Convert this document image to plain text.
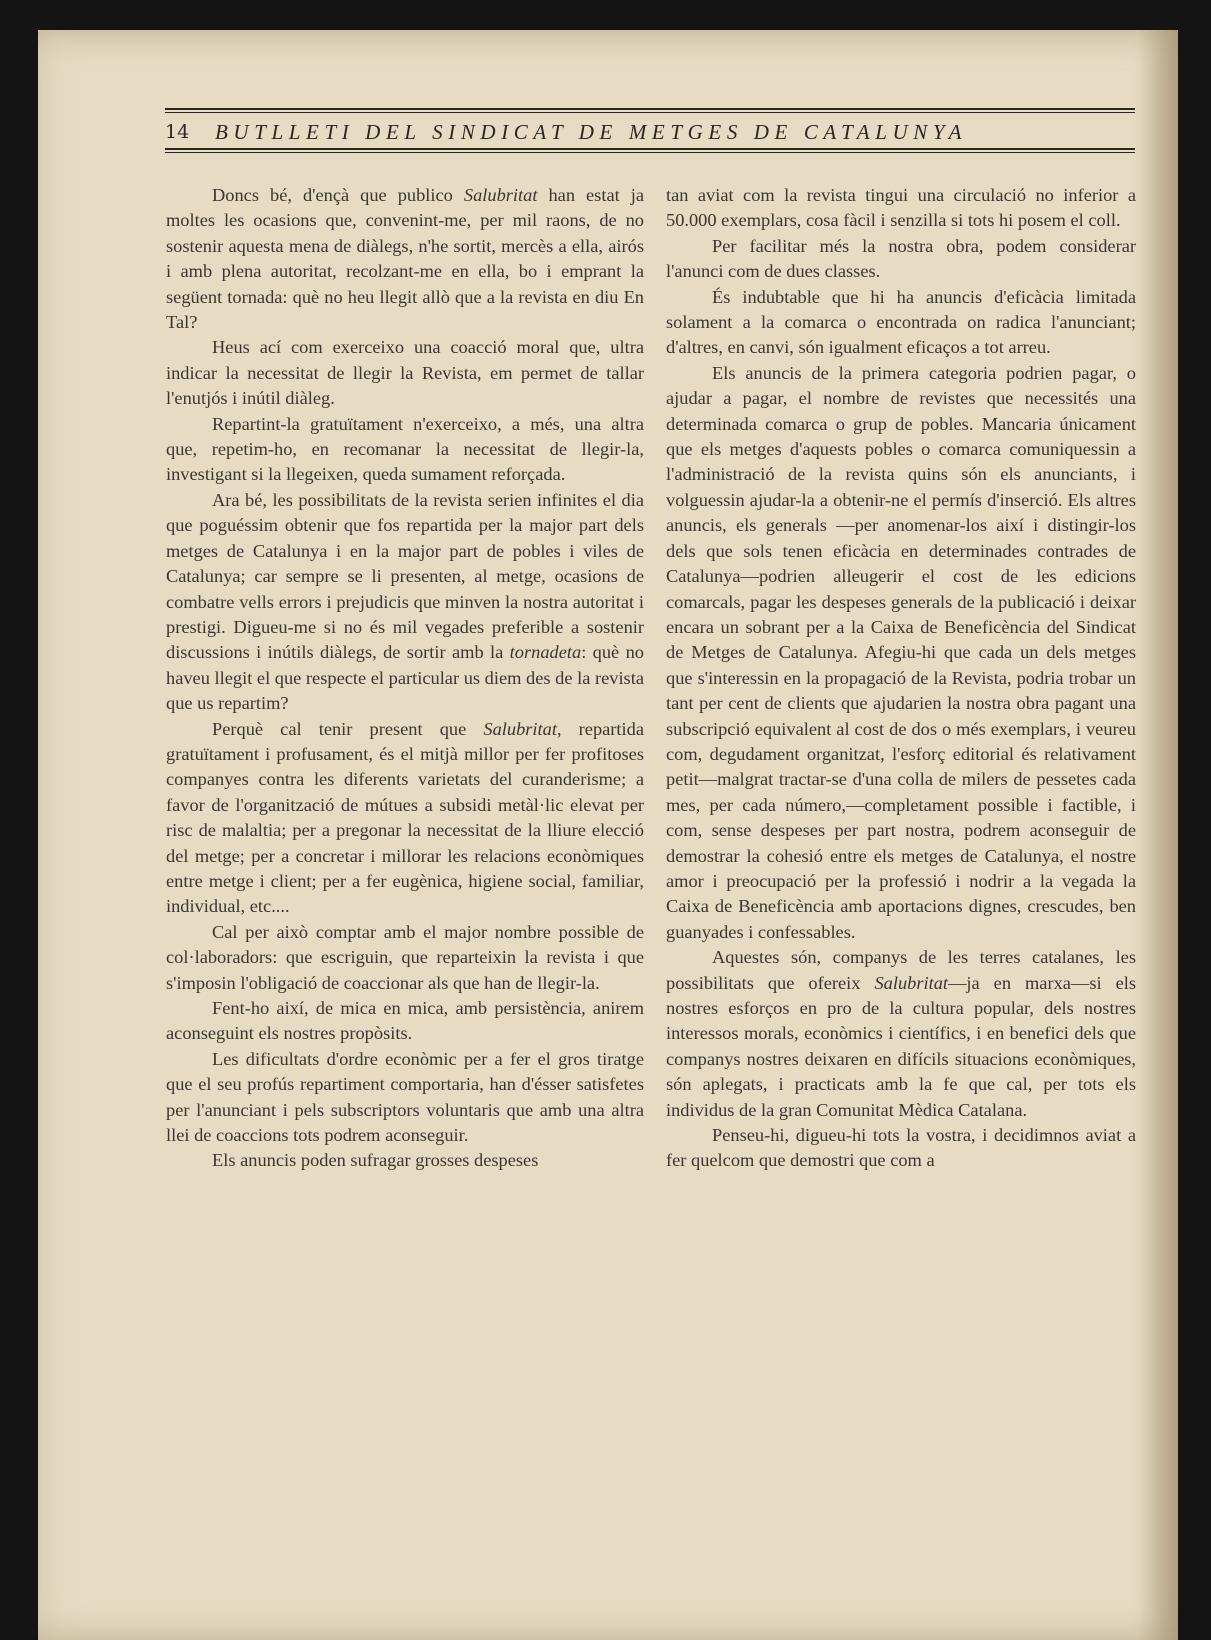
14 BUTLLETI DEL SINDICAT DE METGES DE CATALUNYA

Doncs bé, d'ençà que publico Salubritat han estat ja moltes les ocasions que, convenint-me, per mil raons, de no sostenir aquesta mena de diàlegs, n'he sortit, mercès a ella, airós i amb plena autoritat, recolzant-me en ella, bo i emprant la següent tornada: què no heu llegit allò que a la revista en diu En Tal?

Heus ací com exerceixo una coacció moral que, ultra indicar la necessitat de llegir la Revista, em permet de tallar l'enutjós i inútil diàleg.

Repartint-la gratuïtament n'exerceixo, a més, una altra que, repetim-ho, en recomanar la necessitat de llegir-la, investigant si la llegeixen, queda sumament reforçada.

Ara bé, les possibilitats de la revista serien infinites el dia que poguéssim obtenir que fos repartida per la major part dels metges de Catalunya i en la major part de pobles i viles de Catalunya; car sempre se li presenten, al metge, ocasions de combatre vells errors i prejudicis que minven la nostra autoritat i prestigi. Digueu-me si no és mil vegades preferible a sostenir discussions i inútils diàlegs, de sortir amb la tornadeta: què no haveu llegit el que respecte el particular us diem des de la revista que us repartim?

Perquè cal tenir present que Salubritat, repartida gratuïtament i profusament, és el mitjà millor per fer profitoses companyes contra les diferents varietats del curanderisme; a favor de l'organització de mútues a subsidi metàl·lic elevat per risc de malaltia; per a pregonar la necessitat de la lliure elecció del metge; per a concretar i millorar les relacions econòmiques entre metge i client; per a fer eugènica, higiene social, familiar, individual, etc....

Cal per això comptar amb el major nombre possible de col·laboradors: que escriguin, que reparteixin la revista i que s'imposin l'obligació de coaccionar als que han de llegir-la.

Fent-ho així, de mica en mica, amb persistència, anirem aconseguint els nostres propòsits.

Les dificultats d'ordre econòmic per a fer el gros tiratge que el seu profús repartiment comportaria, han d'ésser satisfetes per l'anunciant i pels subscriptors voluntaris que amb una altra llei de coaccions tots podrem aconseguir.

Els anuncis poden sufragar grosses despeses

tan aviat com la revista tingui una circulació no inferior a 50.000 exemplars, cosa fàcil i senzilla si tots hi posem el coll.

Per facilitar més la nostra obra, podem considerar l'anunci com de dues classes.

És indubtable que hi ha anuncis d'eficàcia limitada solament a la comarca o encontrada on radica l'anunciant; d'altres, en canvi, són igualment eficaços a tot arreu.

Els anuncis de la primera categoria podrien pagar, o ajudar a pagar, el nombre de revistes que necessités una determinada comarca o grup de pobles. Mancaria únicament que els metges d'aquests pobles o comarca comuniquessin a l'administració de la revista quins són els anunciants, i volguessin ajudar-la a obtenir-ne el permís d'inserció. Els altres anuncis, els generals —per anomenar-los així i distingir-los dels que sols tenen eficàcia en determinades contrades de Catalunya—podrien alleugerir el cost de les edicions comarcals, pagar les despeses generals de la publicació i deixar encara un sobrant per a la Caixa de Beneficència del Sindicat de Metges de Catalunya. Afegiu-hi que cada un dels metges que s'interessin en la propagació de la Revista, podria trobar un tant per cent de clients que ajudarien la nostra obra pagant una subscripció equivalent al cost de dos o més exemplars, i veureu com, degudament organitzat, l'esforç editorial és relativament petit—malgrat tractar-se d'una colla de milers de pessetes cada mes, per cada número,—completament possible i factible, i com, sense despeses per part nostra, podrem aconseguir de demostrar la cohesió entre els metges de Catalunya, el nostre amor i preocupació per la professió i nodrir a la vegada la Caixa de Beneficència amb aportacions dignes, crescudes, ben guanyades i confessables.

Aquestes són, companys de les terres catalanes, les possibilitats que ofereix Salubritat—ja en marxa—si els nostres esforços en pro de la cultura popular, dels nostres interessos morals, econòmics i científics, i en benefici dels que companys nostres deixaren en difícils situacions econòmiques, són aplegats, i practicats amb la fe que cal, per tots els individus de la gran Comunitat Mèdica Catalana.

Penseu-hi, digueu-hi tots la vostra, i decidimnos aviat a fer quelcom que demostri que com a
